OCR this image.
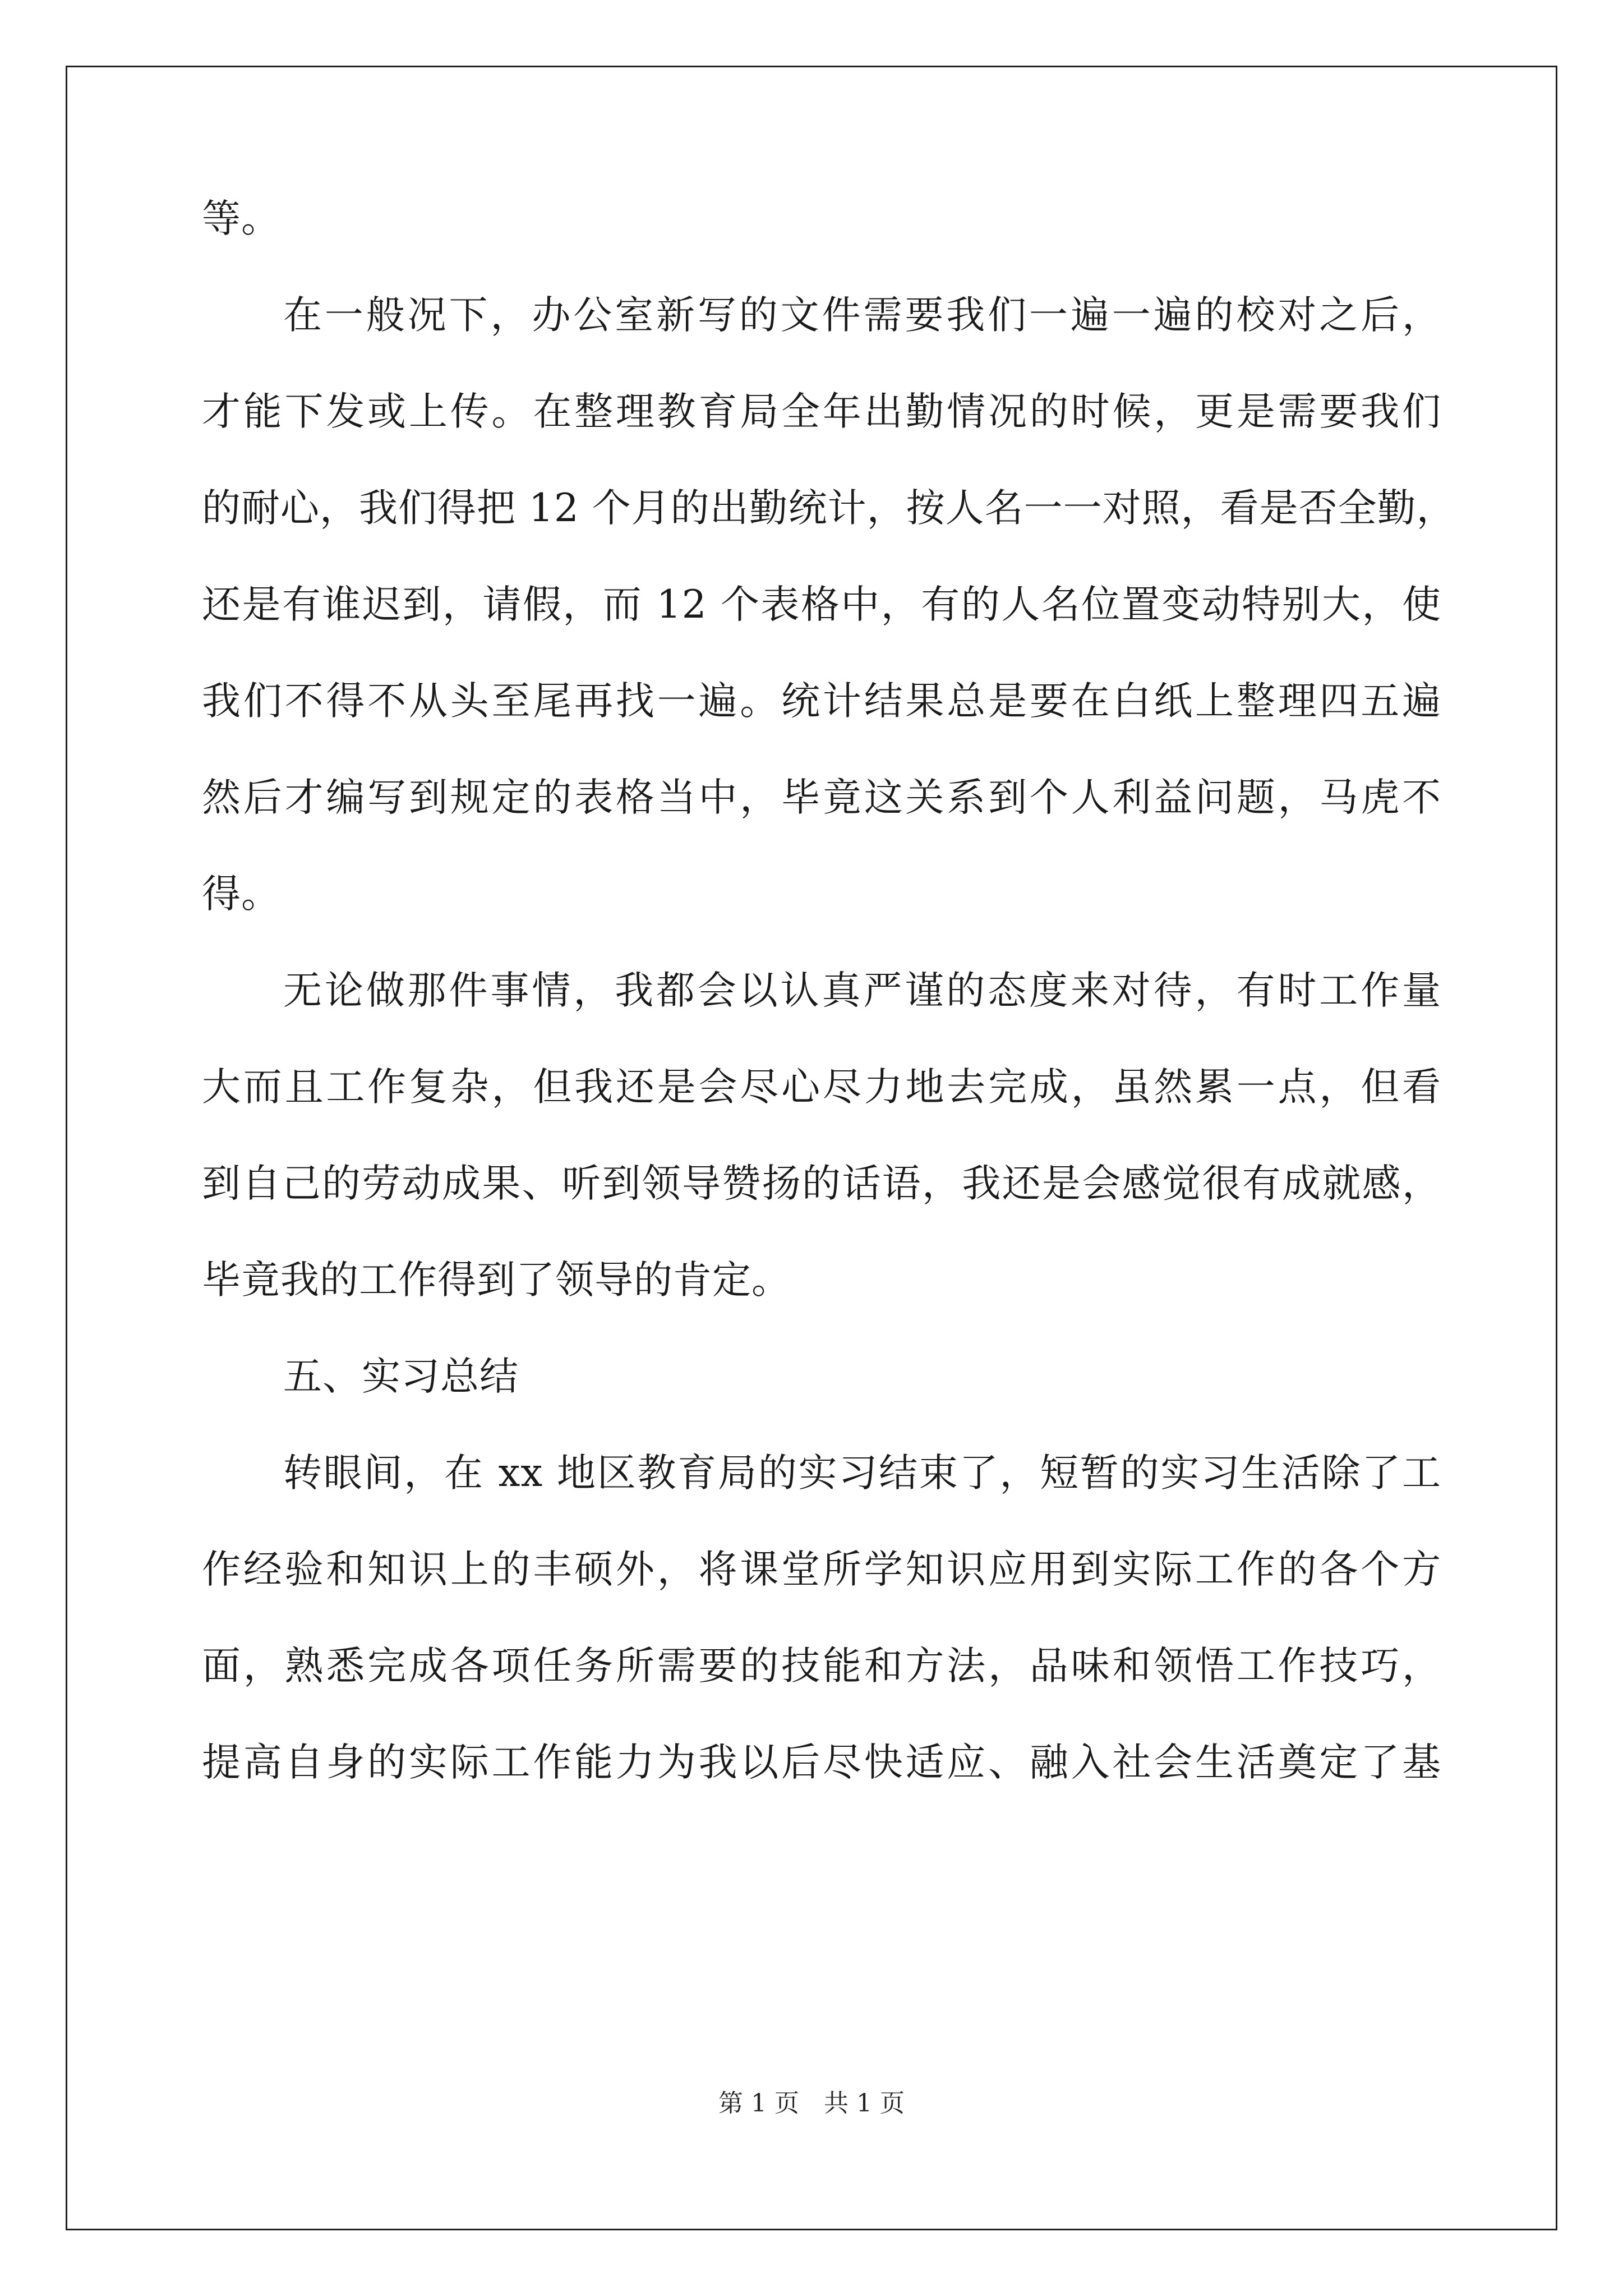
等。
在一般况下，办公室新写的文件需要我们一遍一遍的校对之后，
才能下发或上传。在整理教育局全年出勤情况的时候，更是需要我们
的耐心，我们得把 12 个月的出勤统计，按人名一一对照，看是否全勤，
还是有谁迟到，请假，而 12 个表格中，有的人名位置变动特别大，使
我们不得不从头至尾再找一遍。统计结果总是要在白纸上整理四五遍
然后才编写到规定的表格当中，毕竟这关系到个人利益问题，马虎不
得。
无论做那件事情，我都会以认真严谨的态度来对待，有时工作量
大而且工作复杂，但我还是会尽心尽力地去完成，虽然累一点，但看
到自己的劳动成果、听到领导赞扬的话语，我还是会感觉很有成就感，
毕竟我的工作得到了领导的肯定。
五、实习总结
转眼间，在 xx 地区教育局的实习结束了，短暂的实习生活除了工
作经验和知识上的丰硕外，将课堂所学知识应用到实际工作的各个方
面，熟悉完成各项任务所需要的技能和方法，品味和领悟工作技巧，
提高自身的实际工作能力为我以后尽快适应、融入社会生活奠定了基
第 1 页　共 1 页
